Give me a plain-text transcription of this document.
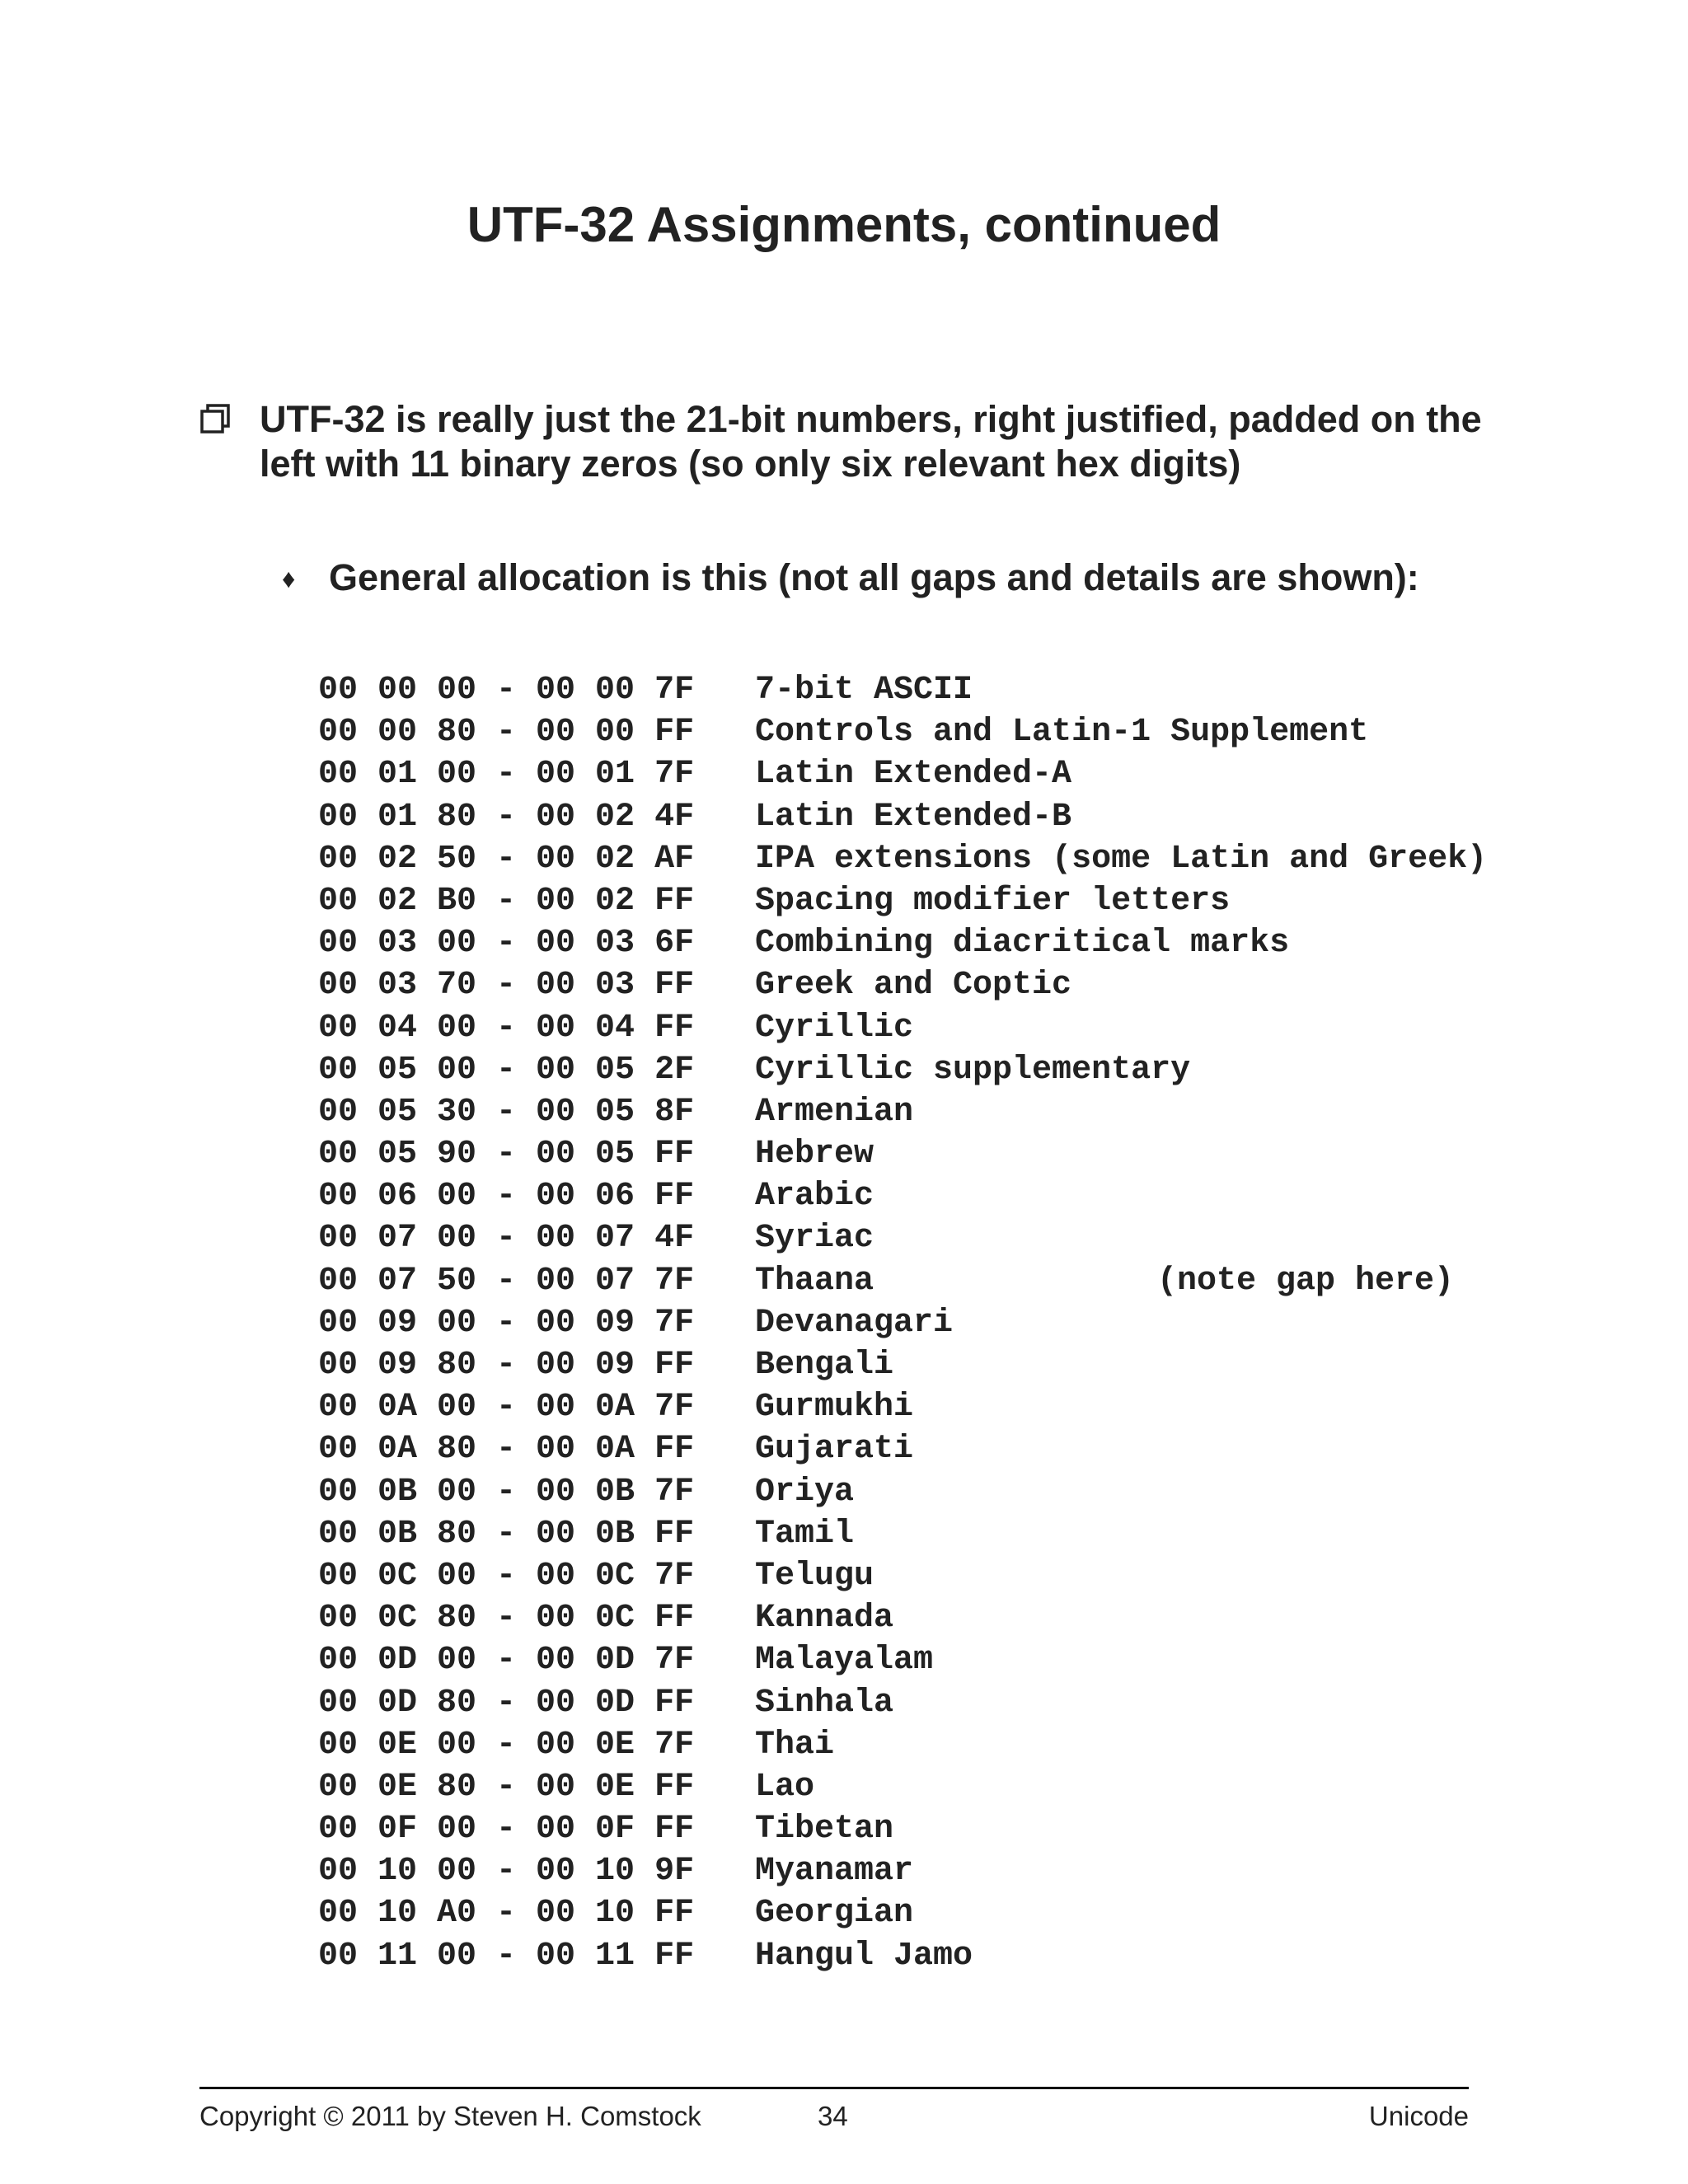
UTF-32 Assignments, continued
UTF-32 is really just the 21-bit numbers, right justified, padded on the left with 11 binary zeros (so only six relevant hex digits)
♦ General allocation is this (not all gaps and details are shown):
00 00 00 - 00 00 7F 7-bit ASCII
00 00 80 - 00 00 FF Controls and Latin-1 Supplement
00 01 00 - 00 01 7F Latin Extended-A
00 01 80 - 00 02 4F Latin Extended-B
00 02 50 - 00 02 AF IPA extensions (some Latin and Greek)
00 02 B0 - 00 02 FF Spacing modifier letters
00 03 00 - 00 03 6F Combining diacritical marks
00 03 70 - 00 03 FF Greek and Coptic
00 04 00 - 00 04 FF Cyrillic
00 05 00 - 00 05 2F Cyrillic supplementary
00 05 30 - 00 05 8F Armenian
00 05 90 - 00 05 FF Hebrew
00 06 00 - 00 06 FF Arabic
00 07 00 - 00 07 4F Syriac
00 07 50 - 00 07 7F Thaana	(note gap here)
00 09 00 - 00 09 7F Devanagari
00 09 80 - 00 09 FF Bengali
00 0A 00 - 00 0A 7F Gurmukhi
00 0A 80 - 00 0A FF Gujarati
00 0B 00 - 00 0B 7F Oriya
00 0B 80 - 00 0B FF Tamil
00 0C 00 - 00 0C 7F Telugu
00 0C 80 - 00 0C FF Kannada
00 0D 00 - 00 0D 7F Malayalam
00 0D 80 - 00 0D FF Sinhala
00 0E 00 - 00 0E 7F Thai
00 0E 80 - 00 0E FF Lao
00 0F 00 - 00 0F FF Tibetan
00 10 00 - 00 10 9F Myanamar
00 10 A0 - 00 10 FF Georgian
00 11 00 - 00 11 FF Hangul Jamo
Copyright © 2011 by Steven H. Comstock	34	Unicode
